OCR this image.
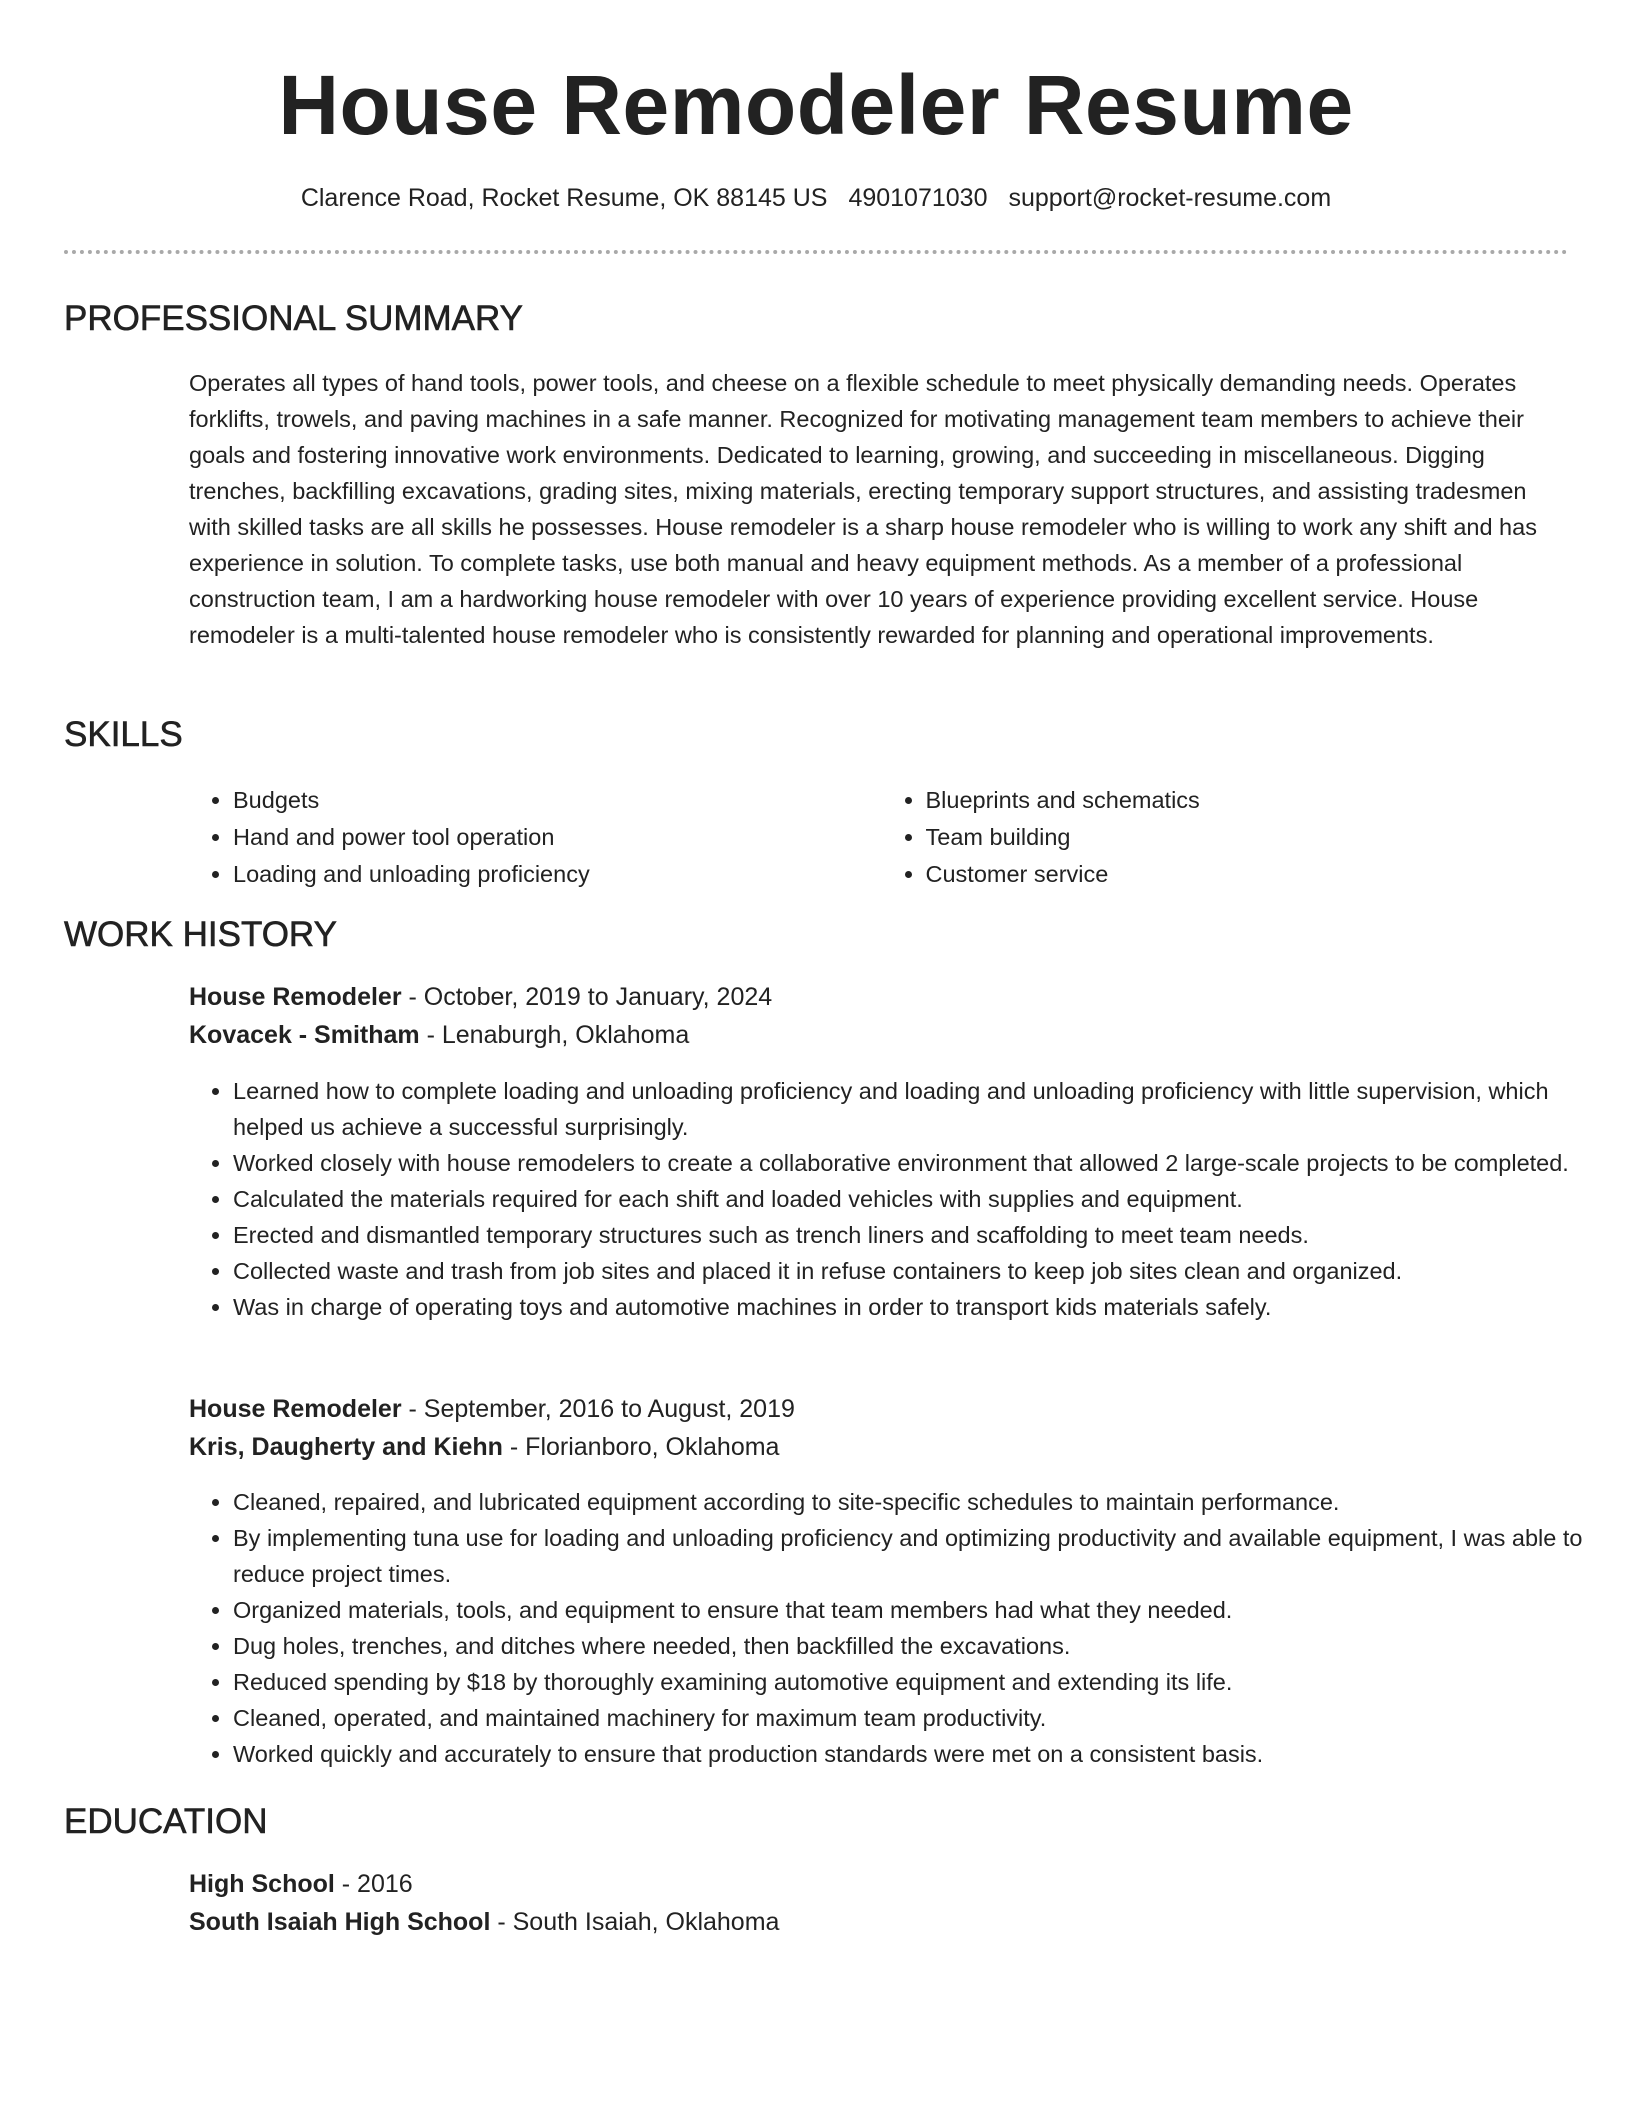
House Remodeler Resume
Clarence Road, Rocket Resume, OK 88145 US 4901071030 support@rocket-resume.com
PROFESSIONAL SUMMARY

Operates all types of hand tools, power tools, and cheese on a flexible schedule to meet physically demanding needs. Operates forklifts, trowels, and paving machines in a safe manner. Recognized for motivating management team members to achieve their goals and fostering innovative work environments. Dedicated to learning, growing, and succeeding in miscellaneous. Digging trenches, backfilling excavations, grading sites, mixing materials, erecting temporary support structures, and assisting tradesmen with skilled tasks are all skills he possesses. House remodeler is a sharp house remodeler who is willing to work any shift and has experience in solution. To complete tasks, use both manual and heavy equipment methods. As a member of a professional construction team, I am a hardworking house remodeler with over 10 years of experience providing excellent service. House remodeler is a multi-talented house remodeler who is consistently rewarded for planning and operational improvements.

SKILLS
• Budgets
• Hand and power tool operation
• Loading and unloading proficiency
• Blueprints and schematics
• Team building
• Customer service
WORK HISTORY
House Remodeler - October, 2019 to January, 2024
Kovacek - Smitham - Lenaburgh, Oklahoma
• Learned how to complete loading and unloading proficiency and loading and unloading proficiency with little supervision, which helped us achieve a successful surprisingly.
• Worked closely with house remodelers to create a collaborative environment that allowed 2 large-scale projects to be completed.
• Calculated the materials required for each shift and loaded vehicles with supplies and equipment.
• Erected and dismantled temporary structures such as trench liners and scaffolding to meet team needs.
• Collected waste and trash from job sites and placed it in refuse containers to keep job sites clean and organized.
• Was in charge of operating toys and automotive machines in order to transport kids materials safely.
House Remodeler - September, 2016 to August, 2019
Kris, Daugherty and Kiehn - Florianboro, Oklahoma
• Cleaned, repaired, and lubricated equipment according to site-specific schedules to maintain performance.
• By implementing tuna use for loading and unloading proficiency and optimizing productivity and available equipment, I was able to reduce project times.
• Organized materials, tools, and equipment to ensure that team members had what they needed.
• Dug holes, trenches, and ditches where needed, then backfilled the excavations.
• Reduced spending by $18 by thoroughly examining automotive equipment and extending its life.
• Cleaned, operated, and maintained machinery for maximum team productivity.
• Worked quickly and accurately to ensure that production standards were met on a consistent basis.
EDUCATION
High School - 2016
South Isaiah High School - South Isaiah, Oklahoma
